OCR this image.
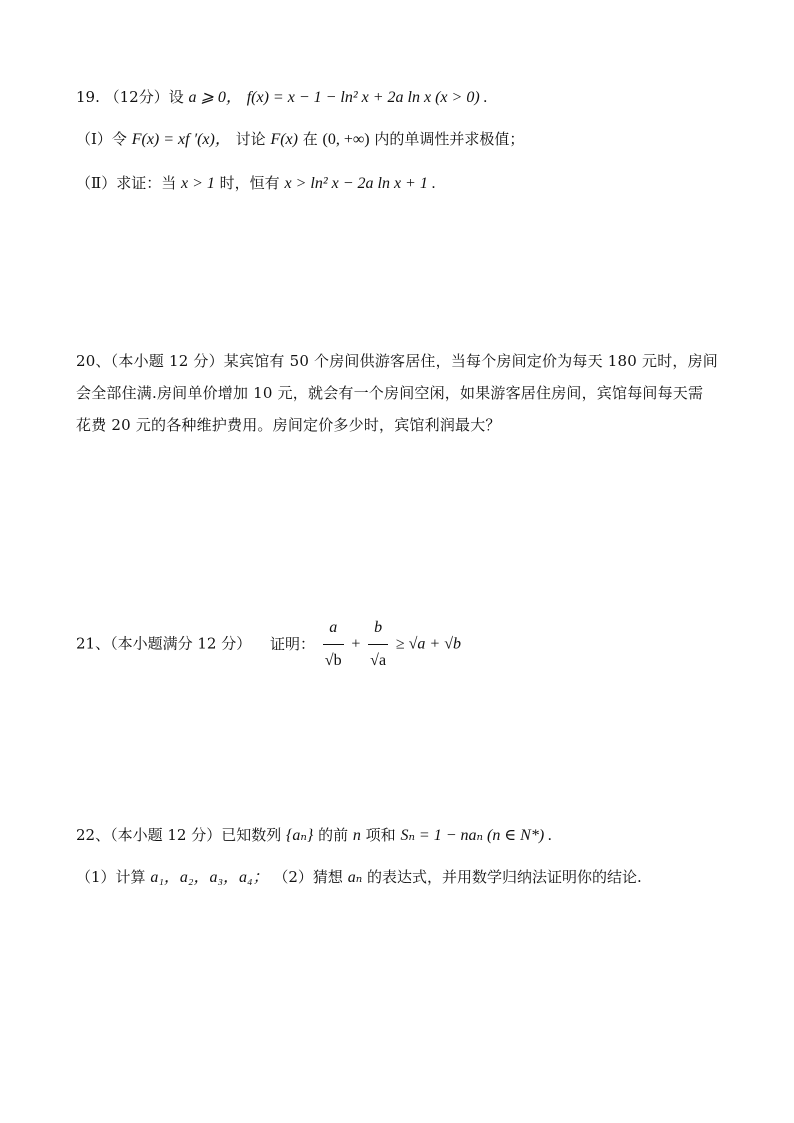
19. （12分）设 a ⩾ 0， f(x) = x − 1 − ln² x + 2a ln x (x > 0) .
（Ⅰ）令 F(x) = xf ′(x)， 讨论 F(x) 在 (0, +∞) 内的单调性并求极值；
（Ⅱ）求证：当 x > 1 时，恒有 x > ln² x − 2a ln x + 1 .
20、（本小题 12 分）某宾馆有 50 个房间供游客居住，当每个房间定价为每天 180 元时，房间会全部住满.房间单价增加 10 元，就会有一个房间空闲，如果游客居住房间，宾馆每间每天需花费 20 元的各种维护费用。房间定价多少时，宾馆利润最大？
21、（本小题满分 12 分） 证明： $\frac{a}{√b} + \frac{b}{√a} \ge √a + √b$
22、（本小题 12 分）已知数列 {aₙ} 的前 n 项和 Sₙ = 1 − naₙ (n ∈ N*) .
（1）计算 a₁，a₂，a₃，a₄； （2）猜想 aₙ 的表达式，并用数学归纳法证明你的结论.
